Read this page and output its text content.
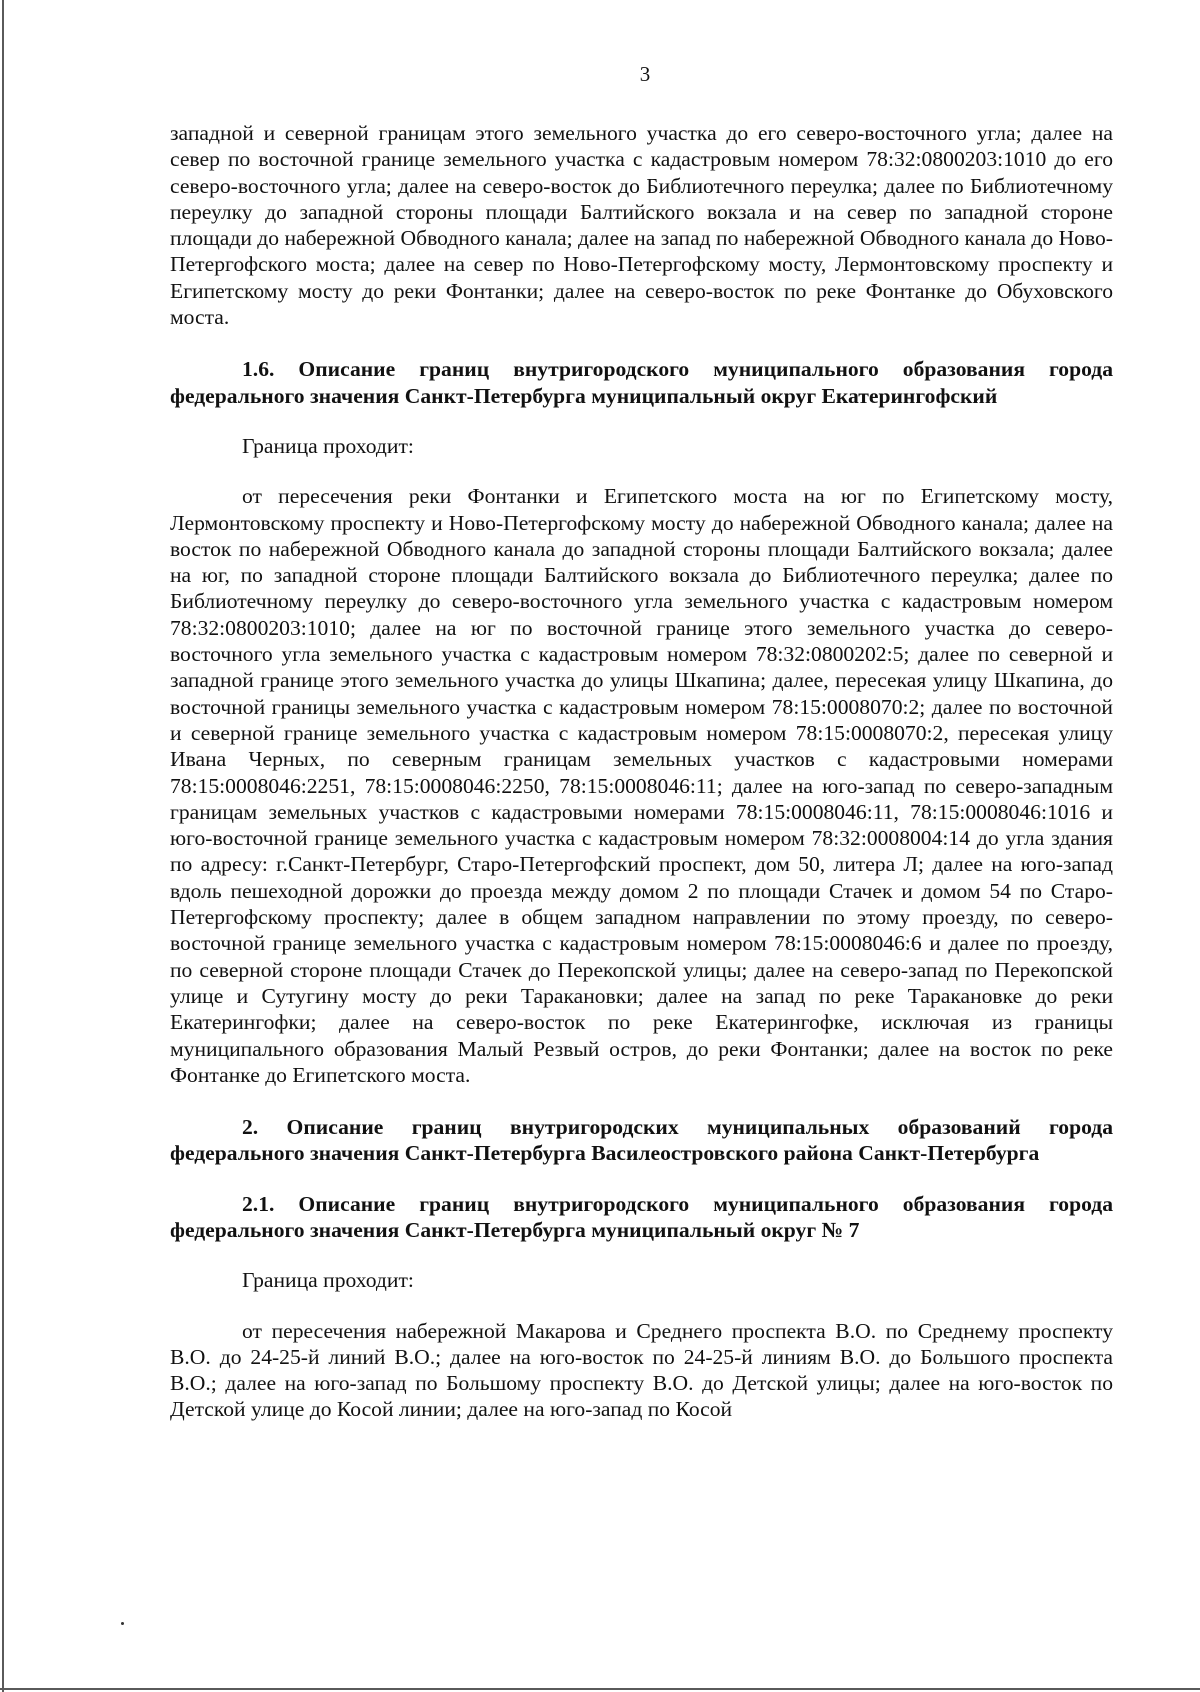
3

западной и северной границам этого земельного участка до его северо-восточного угла; далее на север по восточной границе земельного участка с кадастровым номером 78:32:0800203:1010 до его северо-восточного угла; далее на северо-восток до Библиотечного переулка; далее по Библиотечному переулку до западной стороны площади Балтийского вокзала и на север по западной стороне площади до набережной Обводного канала; далее на запад по набережной Обводного канала до Ново-Петергофского моста; далее на север по Ново-Петергофскому мосту, Лермонтовскому проспекту и Египетскому мосту до реки Фонтанки; далее на северо-восток по реке Фонтанке до Обуховского моста.

1.6. Описание границ внутригородского муниципального образования города федерального значения Санкт-Петербурга муниципальный округ Екатерингофский

Граница проходит:

от пересечения реки Фонтанки и Египетского моста на юг по Египетскому мосту, Лермонтовскому проспекту и Ново-Петергофскому мосту до набережной Обводного канала; далее на восток по набережной Обводного канала до западной стороны площади Балтийского вокзала; далее на юг, по западной стороне площади Балтийского вокзала до Библиотечного переулка; далее по Библиотечному переулку до северо-восточного угла земельного участка с кадастровым номером 78:32:0800203:1010; далее на юг по восточной границе этого земельного участка до северо-восточного угла земельного участка с кадастровым номером 78:32:0800202:5; далее по северной и западной границе этого земельного участка до улицы Шкапина; далее, пересекая улицу Шкапина, до восточной границы земельного участка с кадастровым номером 78:15:0008070:2; далее по восточной и северной границе земельного участка с кадастровым номером 78:15:0008070:2, пересекая улицу Ивана Черных, по северным границам земельных участков с кадастровыми номерами 78:15:0008046:2251, 78:15:0008046:2250, 78:15:0008046:11; далее на юго-запад по северо-западным границам земельных участков с кадастровыми номерами 78:15:0008046:11, 78:15:0008046:1016 и юго-восточной границе земельного участка с кадастровым номером 78:32:0008004:14 до угла здания по адресу: г.Санкт-Петербург, Старо-Петергофский проспект, дом 50, литера Л; далее на юго-запад вдоль пешеходной дорожки до проезда между домом 2 по площади Стачек и домом 54 по Старо-Петергофскому проспекту; далее в общем западном направлении по этому проезду, по северо-восточной границе земельного участка с кадастровым номером 78:15:0008046:6 и далее по проезду, по северной стороне площади Стачек до Перекопской улицы; далее на северо-запад по Перекопской улице и Сутугину мосту до реки Таракановки; далее на запад по реке Таракановке до реки Екатерингофки; далее на северо-восток по реке Екатерингофке, исключая из границы муниципального образования Малый Резвый остров, до реки Фонтанки; далее на восток по реке Фонтанке до Египетского моста.

2. Описание границ внутригородских муниципальных образований города федерального значения Санкт-Петербурга Василеостровского района Санкт-Петербурга

2.1. Описание границ внутригородского муниципального образования города федерального значения Санкт-Петербурга муниципальный округ № 7

Граница проходит:

от пересечения набережной Макарова и Среднего проспекта В.О. по Среднему проспекту В.О. до 24-25-й линий В.О.; далее на юго-восток по 24-25-й линиям В.О. до Большого проспекта В.О.; далее на юго-запад по Большому проспекту В.О. до Детской улицы; далее на юго-восток по Детской улице до Косой линии; далее на юго-запад по Косой
